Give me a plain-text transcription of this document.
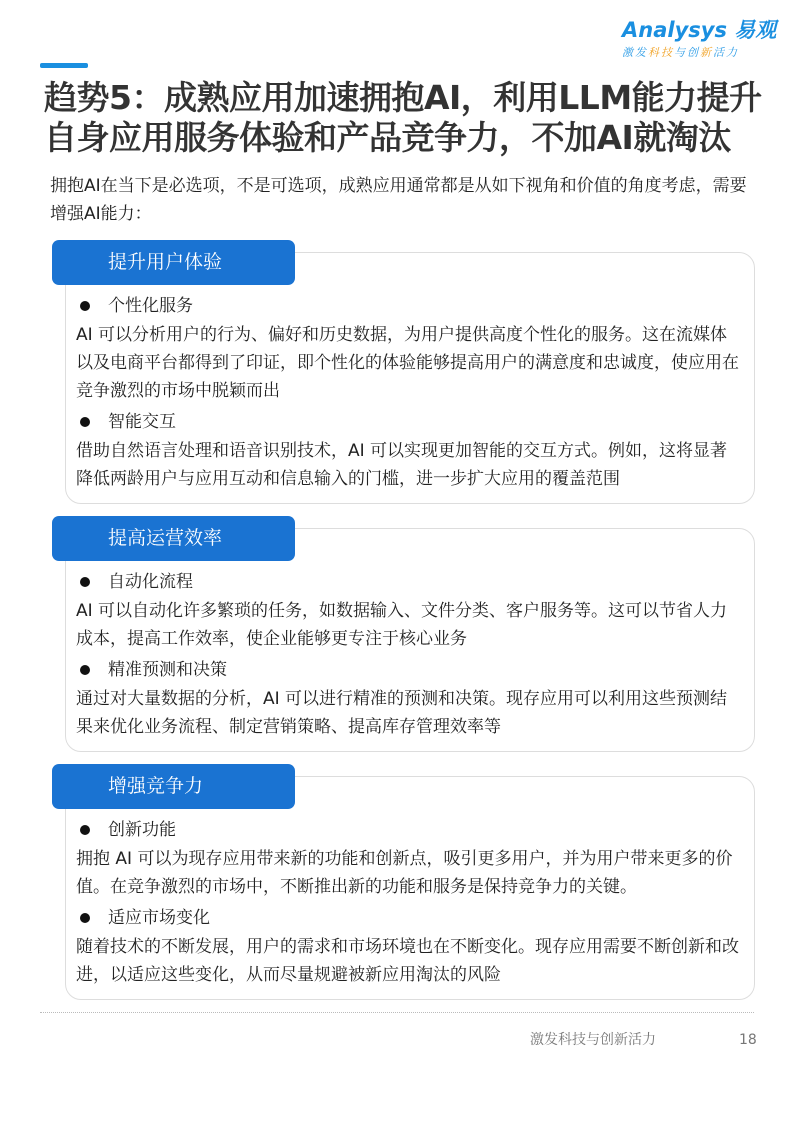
Analysys 易观
激发科技与创新活力
趋势5：成熟应用加速拥抱AI，利用LLM能力提升自身应用服务体验和产品竞争力，不加AI就淘汰

拥抱AI在当下是必选项，不是可选项，成熟应用通常都是从如下视角和价值的角度考虑，需要增强AI能力：

提升用户体验
个性化服务

AI 可以分析用户的行为、偏好和历史数据，为用户提供高度个性化的服务。这在流媒体以及电商平台都得到了印证，即个性化的体验能够提高用户的满意度和忠诚度，使应用在竞争激烈的市场中脱颖而出

智能交互

借助自然语言处理和语音识别技术，AI 可以实现更加智能的交互方式。例如，这将显著降低两龄用户与应用互动和信息输入的门槛，进一步扩大应用的覆盖范围

提高运营效率
自动化流程

AI 可以自动化许多繁琐的任务，如数据输入、文件分类、客户服务等。这可以节省人力成本，提高工作效率，使企业能够更专注于核心业务

精准预测和决策

通过对大量数据的分析，AI 可以进行精准的预测和决策。现存应用可以利用这些预测结果来优化业务流程、制定营销策略、提高库存管理效率等

增强竞争力
创新功能

拥抱 AI 可以为现存应用带来新的功能和创新点，吸引更多用户，并为用户带来更多的价值。在竞争激烈的市场中，不断推出新的功能和服务是保持竞争力的关键。

适应市场变化

随着技术的不断发展，用户的需求和市场环境也在不断变化。现存应用需要不断创新和改进，以适应这些变化，从而尽量规避被新应用淘汰的风险

激发科技与创新活力	18
